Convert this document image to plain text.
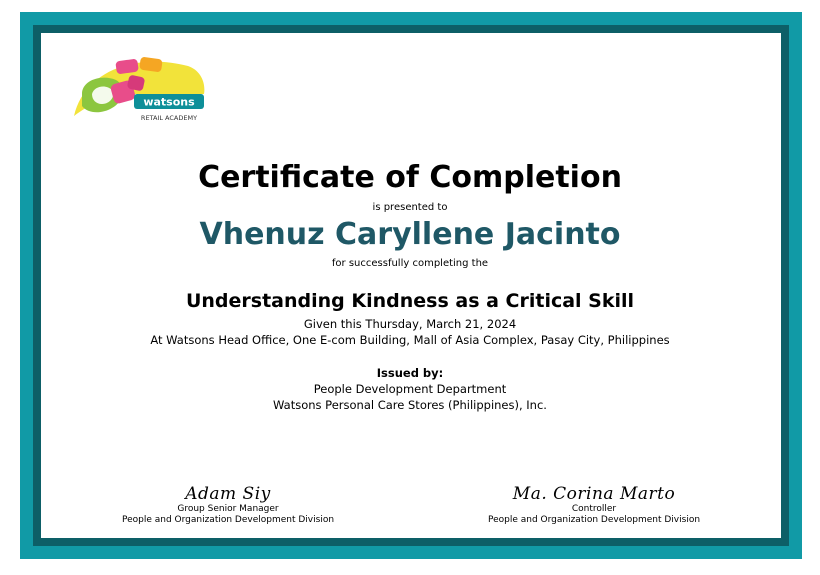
watsons
RETAIL ACADEMY
Certificate of Completion
is presented to
Vhenuz Caryllene Jacinto
for successfully completing the
Understanding Kindness as a Critical Skill
Given this Thursday, March 21, 2024
At Watsons Head Office, One E-com Building, Mall of Asia Complex, Pasay City, Philippines
Issued by:
People Development Department
Watsons Personal Care Stores (Philippines), Inc.
Adam Siy
Group Senior Manager
People and Organization Development Division
Ma. Corina Marto
Controller
People and Organization Development Division
